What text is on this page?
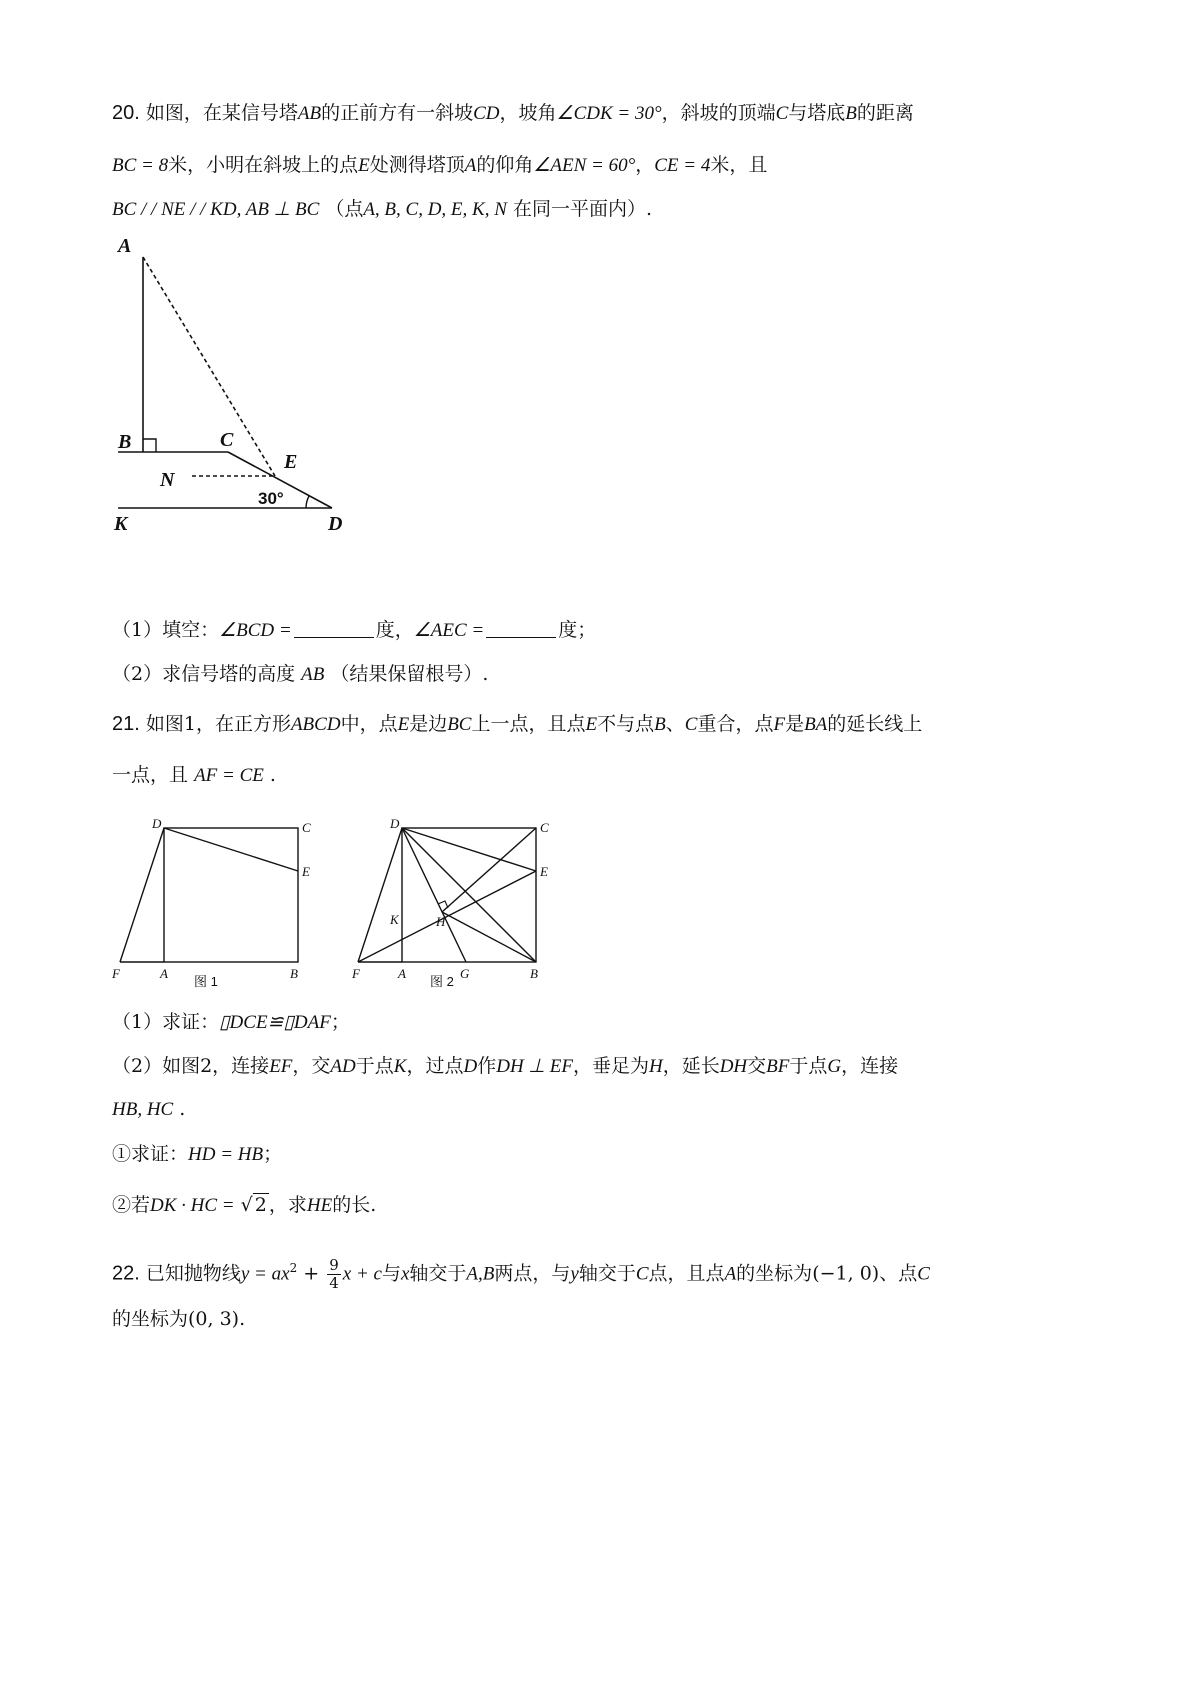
20. 如图，在某信号塔AB的正前方有一斜坡CD，坡角∠CDK = 30°，斜坡的顶端C与塔底B的距离
BC = 8米，小明在斜坡上的点E处测得塔顶A的仰角∠AEN = 60°，CE = 4米，且
BC / / NE / / KD, AB ⊥ BC （点A, B, C, D, E, K, N 在同一平面内）.
A
B	C
E
N
K	D
30°
（1）填空：∠BCD =	度，∠AEC =	度；
（2）求信号塔的高度 AB （结果保留根号）.
21. 如图1，在正方形ABCD中，点E是边BC上一点，且点E不与点B、C重合，点F是BA的延长线上
一点，且 AF = CE .
D	C
E
F	A	B
图 1
D	C
E
K	H
F	A	G	B
图 2
（1）求证：▯DCE≌▯DAF；
（2）如图2，连接EF，交AD于点K，过点D作DH ⊥ EF，垂足为H，延长DH交BF于点G，连接
HB, HC .
①求证：HD = HB；
②若DK · HC = √ 2 ，求HE的长.
22. 已知抛物线$y = ax^2 + \frac{9}{4}$ x + c与x轴交于A,B两点，与y轴交于C点，且点A的坐标为(−1, 0)、点C
的坐标为(0, 3).
